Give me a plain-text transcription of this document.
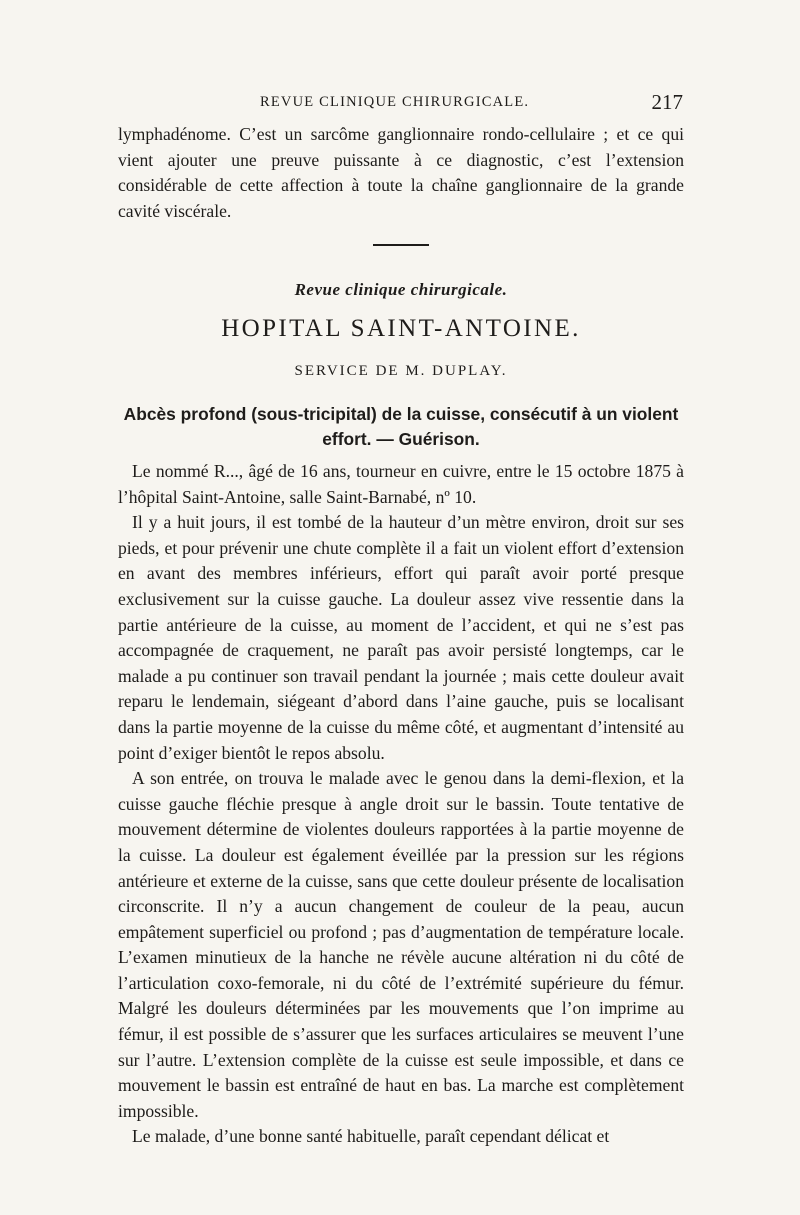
REVUE CLINIQUE CHIRURGICALE.	217

lymphadénome. C’est un sarcôme ganglionnaire rondo-cellulaire ; et ce qui vient ajouter une preuve puissante à ce diagnostic, c’est l’extension considérable de cette affection à toute la chaîne ganglionnaire de la grande cavité viscérale.

Revue clinique chirurgicale.
HOPITAL SAINT-ANTOINE.
SERVICE DE M. DUPLAY.
Abcès profond (sous-tricipital) de la cuisse, consécutif à un violent effort. — Guérison.

Le nommé R..., âgé de 16 ans, tourneur en cuivre, entre le 15 octobre 1875 à l’hôpital Saint-Antoine, salle Saint-Barnabé, nº 10.

Il y a huit jours, il est tombé de la hauteur d’un mètre environ, droit sur ses pieds, et pour prévenir une chute complète il a fait un violent effort d’extension en avant des membres inférieurs, effort qui paraît avoir porté presque exclusivement sur la cuisse gauche. La douleur assez vive ressentie dans la partie antérieure de la cuisse, au moment de l’accident, et qui ne s’est pas accompagnée de craquement, ne paraît pas avoir persisté longtemps, car le malade a pu continuer son travail pendant la journée ; mais cette douleur avait reparu le lendemain, siégeant d’abord dans l’aine gauche, puis se localisant dans la partie moyenne de la cuisse du même côté, et augmentant d’intensité au point d’exiger bientôt le repos absolu.

A son entrée, on trouva le malade avec le genou dans la demi-flexion, et la cuisse gauche fléchie presque à angle droit sur le bassin. Toute tentative de mouvement détermine de violentes douleurs rapportées à la partie moyenne de la cuisse. La douleur est également éveillée par la pression sur les régions antérieure et externe de la cuisse, sans que cette douleur présente de localisation circonscrite. Il n’y a aucun changement de couleur de la peau, aucun empâtement superficiel ou profond ; pas d’augmentation de température locale. L’examen minutieux de la hanche ne révèle aucune altération ni du côté de l’articulation coxo-femorale, ni du côté de l’extrémité supérieure du fémur. Malgré les douleurs déterminées par les mouvements que l’on imprime au fémur, il est possible de s’assurer que les surfaces articulaires se meuvent l’une sur l’autre. L’extension complète de la cuisse est seule impossible, et dans ce mouvement le bassin est entraîné de haut en bas. La marche est complètement impossible.

Le malade, d’une bonne santé habituelle, paraît cependant délicat et
